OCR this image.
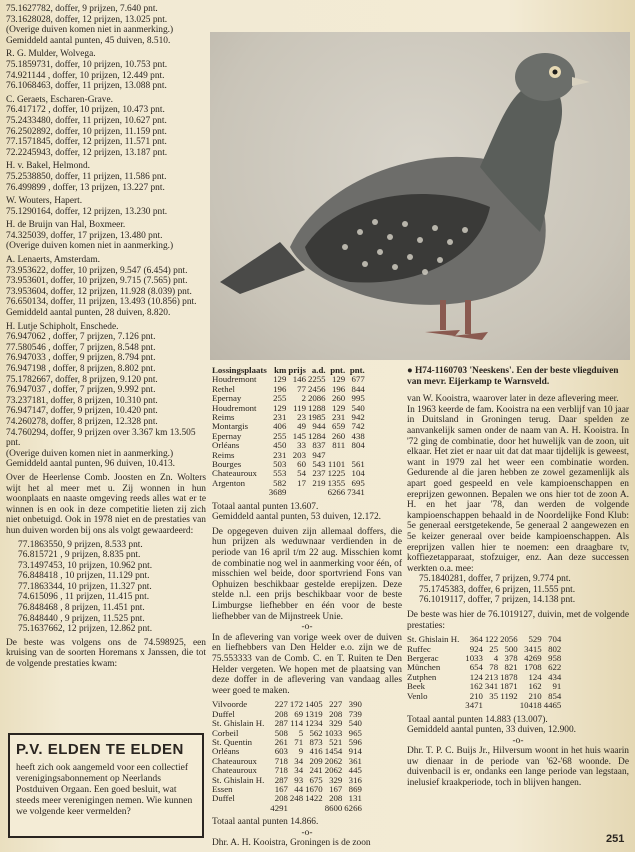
75.1627782, doffer, 9 prijzen, 7.640 pnt.

73.1628028, doffer, 12 prijzen, 13.025 pnt.

(Overige duiven komen niet in aanmerking.)

Gemiddeld aantal punten, 45 duiven, 8.510.

R. G. Mulder, Wolvega.

75.1859731, doffer, 10 prijzen, 10.753 pnt.

74.921144 , doffer, 10 prijzen, 12.449 pnt.

76.1068463, doffer, 11 prijzen, 13.088 pnt.

C. Geraets, Escharen-Grave.

76.417172 , doffer, 10 prijzen, 10.473 pnt.

75.2433480, doffer, 11 prijzen, 10.627 pnt.

76.2502892, doffer, 10 prijzen, 11.159 pnt.

77.1571845, doffer, 12 prijzen, 11.571 pnt.

72.2245943, doffer, 12 prijzen, 13.187 pnt.

H. v. Bakel, Helmond.

75.2538850, doffer, 11 prijzen, 11.586 pnt.

76.499899 , doffer, 13 prijzen, 13.227 pnt.

W. Wouters, Hapert.

75.1290164, doffer, 12 prijzen, 13.230 pnt.

H. de Bruijn van Hal, Boxmeer.

74.325039, doffer, 17 prijzen, 13.480 pnt.

(Overige duiven komen niet in aanmerking.)

A. Lenaerts, Amsterdam.

73.953622, doffer, 10 prijzen, 9.547 (6.454) pnt.

73.953601, doffer, 10 prijzen, 9.715 (7.565) pnt.

73.953604, doffer, 12 prijzen, 11.928 (8.039) pnt.

76.650134, doffer, 11 prijzen, 13.493 (10.856) pnt.

Gemiddeld aantal punten, 28 duiven, 8.820.

H. Lutje Schipholt, Enschede.

76.947062 , doffer, 7 prijzen, 7.126 pnt.

77.580546 , doffer, 7 prijzen, 8.548 pnt.

76.947033 , doffer, 9 prijzen, 8.794 pnt.

76.947198 , doffer, 8 prijzen, 8.802 pnt.

75.1782667, doffer, 8 prijzen, 9.120 pnt.

76.947037 , doffer, 7 prijzen, 9.992 pnt.

73.237181, doffer, 8 prijzen, 10.310 pnt.

76.947147, doffer, 9 prijzen, 10.420 pnt.

74.260278, doffer, 8 prijzen, 12.328 pnt.

74.760294, doffer, 9 prijzen over 3.367 km 13.505 pnt.

(Overige duiven komen niet in aanmerking.)

Gemiddeld aantal punten, 96 duiven, 10.413.

Over de Heerlense Comb. Joosten en Zn. Wolters wijt het al meer met u. Zij wonnen in hun woonplaats en naaste omgeving reeds alles wat er te winnen is en ook in deze competitie lieten zij zich niet onbetuigd. Ook in 1978 niet en de prestaties van hun duiven worden bij ons als volgt gewaardeerd:

77.1863550, 9 prijzen, 8.533 pnt.

76.815721 , 9 prijzen, 8.835 pnt.

73.1497453, 10 prijzen, 10.962 pnt.

76.848418 , 10 prijzen, 11.129 pnt.

77.1863344, 10 prijzen, 11.327 pnt.

74.615096 , 11 prijzen, 11.415 pnt.

76.848468 , 8 prijzen, 11.451 pnt.

76.848440 , 9 prijzen, 11.525 pnt.

75.1637662, 12 prijzen, 12.862 pnt.

De beste was volgens ons de 74.598925, een kruising van de soorten Horemans x Janssen, die tot de volgende prestaties kwam:

P.V. ELDEN TE ELDEN
heeft zich ook aangemeld voor een collectief verenigingsabonnement op Neerlands Postduiven Orgaan. Een goed besluit, wat steeds meer verenigingen nemen. Wie kunnen we volgende keer vermelden?
Lossingsplaats	km	prijs	a.d.	pnt.	pnt.
Houdremont	129	146	2255	129	677
Rethel	196	77	2456	196	844
Epernay	255	2	2086	260	995
Houdremont	129	119	1288	129	540
Reims	231	23	1985	231	942
Montargis	406	49	944	659	742
Epernay	255	145	1284	260	438
Orléans	450	33	837	811	804
Reims	231	203	947		
Bourges	503	60	543	1101	561
Chateauroux	553	54	237	1225	104
Argenton	582	17	219	1355	695
	3689			6266	7341

Totaal aantal punten 13.607.

Gemiddeld aantal punten, 53 duiven, 12.172.

De opgegeven duiven zijn allemaal doffers, die hun prijzen als weduwnaar verdienden in de periode van 16 april t/m 22 aug. Misschien komt de combinatie nog wel in aanmerking voor één, of misschien wel beide, door sportvriend Fons van Ophuizen beschikbaar gestelde erepijzen. Deze stelde n.l. een prijs beschikbaar voor de beste Limburgse liefhebber en één voor de beste liefhebber van de Mijnstreek Unie.

-o-

In de aflevering van vorige week over de duiven en liefhebbers van Den Helder e.o. zijn we de 75.553333 van de Comb. C. en T. Ruiten te Den Helder vergeten. We hopen met de plaatsing van deze doffer in de aflevering van vandaag alles weer goed te maken.

Vilvoorde	227	172	1405	227	390
Duffel	208	69	1319	208	739
St. Ghislain H.	287	114	1234	329	540
Corbeil	508	5	562	1033	965
St. Quentin	261	71	873	521	596
Orléans	603	9	416	1454	914
Chateauroux	718	34	209	2062	361
Chateauroux	718	34	241	2062	445
St. Ghislain H.	287	93	675	329	316
Essen	167	44	1670	167	869
Duffel	208	248	1422	208	131
	4291			8600	6266

Totaal aantal punten 14.866.

-o-

Dhr. A. H. Kooistra, Groningen is de zoon

● H74-1160703 'Neeskens'. Een der beste vliegduiven van mevr. Eijerkamp te Warnsveld.

van W. Kooistra, waarover later in deze aflevering meer.

In 1963 keerde de fam. Kooistra na een verblijf van 10 jaar in Duitsland in Groningen terug. Daar spelden ze aanvankelijk samen onder de naam van A. H. Kooistra. In '72 ging de combinatie, door het huwelijk van de zoon, uit elkaar. Het ziet er naar uit dat dat maar tijdelijk is geweest, want in 1979 zal het weer een combinatie worden. Gedurende al die jaren hebben ze zowel gezamenlijk als apart goed gespeeld en vele kampioenschappen en ereprijzen gewonnen. Bepalen we ons hier tot de zoon A. H. en het jaar '78, dan werden de volgende kampioenschappen behaald in de Noordelijke Fond Klub: 5e generaal eerstgetekende, 5e generaal 2 aangewezen en 5e keizer generaal over beide kampioenschappen. Als ereprijzen vallen hier te noemen: een draagbare tv, koffiezetapparaat, stofzuiger, enz. Aan deze successen werkten o.a. mee:

75.1840281, doffer, 7 prijzen, 9.774 pnt.

75.1745383, doffer, 6 prijzen, 11.555 pnt.

76.1019117, doffer, 7 prijzen, 14.138 pnt.

De beste was hier de 76.1019127, duivin, met de volgende prestaties:

St. Ghislain H.	364	122	2056	529	704
Ruffec	924	25	500	3415	802
Bergerac	1033	4	378	4269	958
München	654	78	821	1708	622
Zutphen	124	213	1878	124	434
Beek	162	341	1871	162	91
Venlo	210	35	1192	210	854
	3471			10418	4465

Totaal aantal punten 14.883 (13.007).

Gemiddeld aantal punten, 33 duiven, 12.900.

-o-

Dhr. T. P. C. Buijs Jr., Hilversum woont in het huis waarin uw dienaar in de periode van '62-'68 woonde. De duivenbacil is er, ondanks een lange periode van legstaan, inelusief kraakperiode, toch in blijven hangen.

251
